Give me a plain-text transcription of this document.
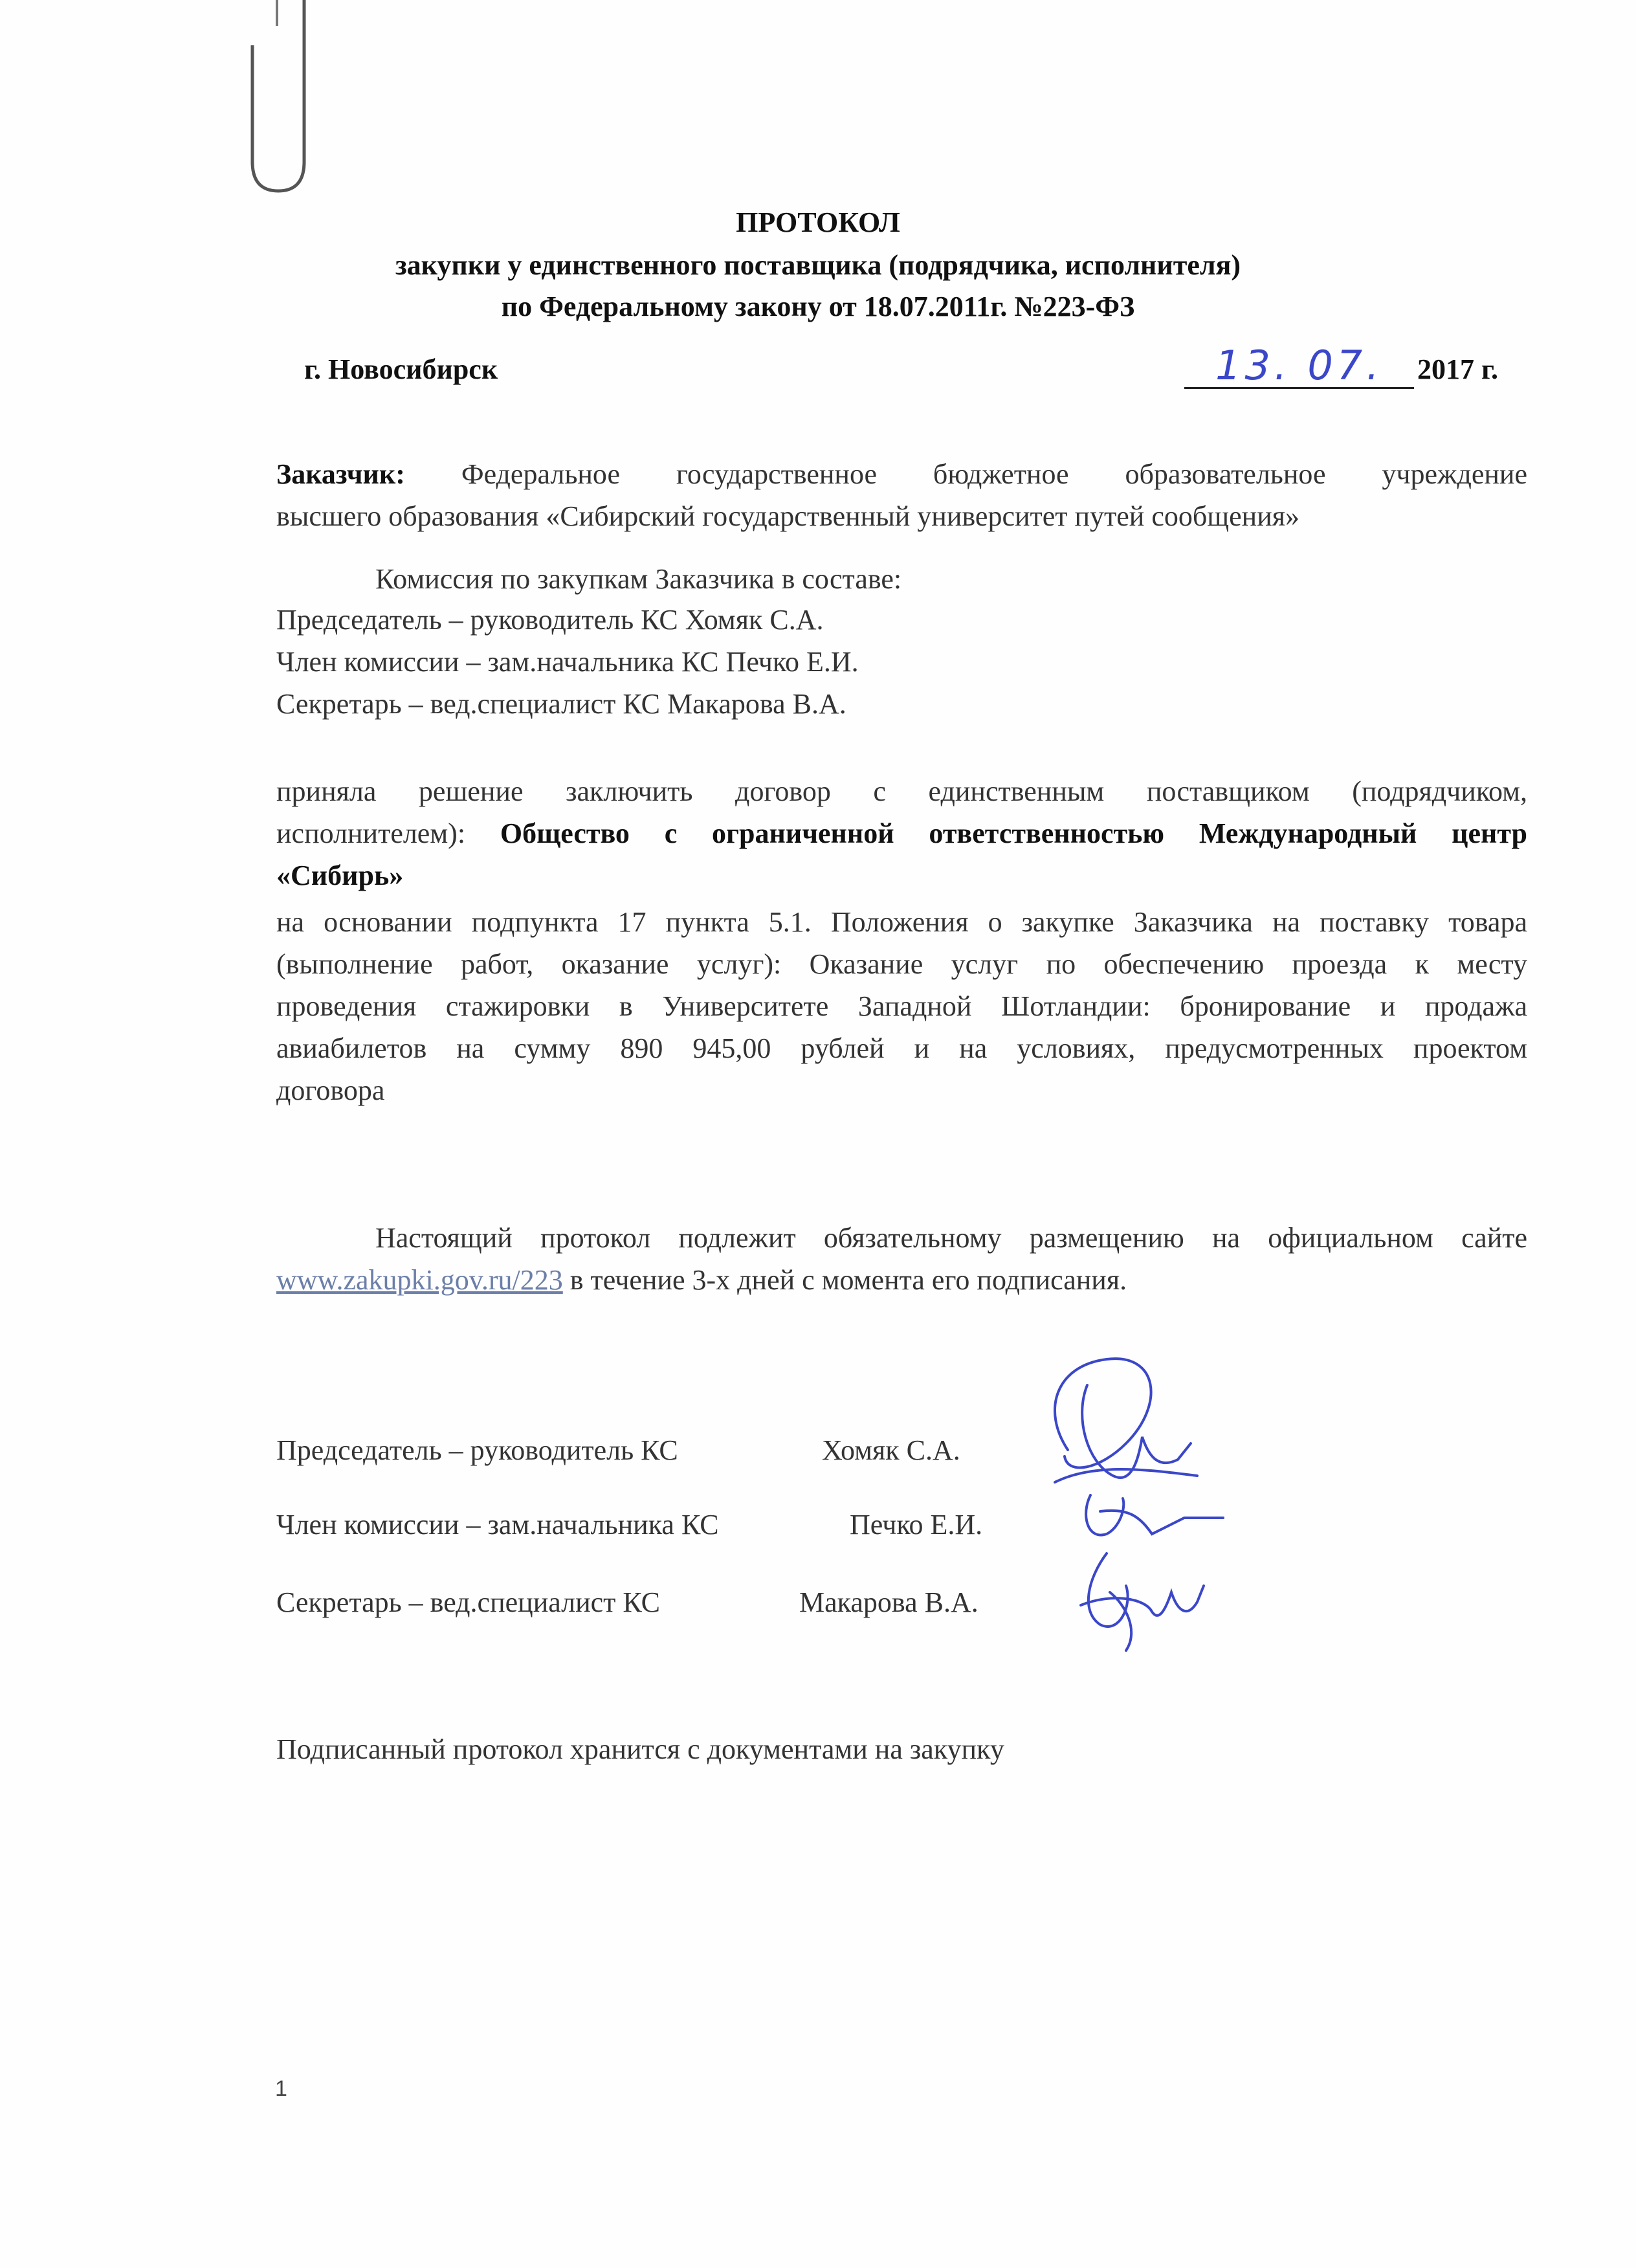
ПРОТОКОЛ
закупки у единственного поставщика (подрядчика, исполнителя)
по Федеральному закону от 18.07.2011г. №223-ФЗ
г. Новосибирск	13. 07.	2017 г.
Заказчик: Федеральное государственное бюджетное образовательное учреждение
высшего образования «Сибирский государственный университет путей сообщения»
Комиссия по закупкам Заказчика в составе:
Председатель – руководитель КС Хомяк С.А.
Член комиссии – зам.начальника КС Печко Е.И.
Секретарь – вед.специалист КС Макарова В.А.
приняла решение заключить договор с единственным поставщиком (подрядчиком,
исполнителем): Общество с ограниченной ответственностью Международный центр
«Сибирь»
на основании подпункта 17 пункта 5.1. Положения о закупке Заказчика на поставку товара
(выполнение работ, оказание услуг): Оказание услуг по обеспечению проезда к месту
проведения стажировки в Университете Западной Шотландии: бронирование и продажа
авиабилетов на сумму 890 945,00 рублей и на условиях, предусмотренных проектом
договора
Настоящий протокол подлежит обязательному размещению на официальном сайте
www.zakupki.gov.ru/223 в течение 3-х дней с момента его подписания.
Председатель – руководитель КС	Хомяк С.А.
Член комиссии – зам.начальника КС	Печко Е.И.
Секретарь – вед.специалист КС	Макарова В.А.
Подписанный протокол хранится с документами на закупку
1
